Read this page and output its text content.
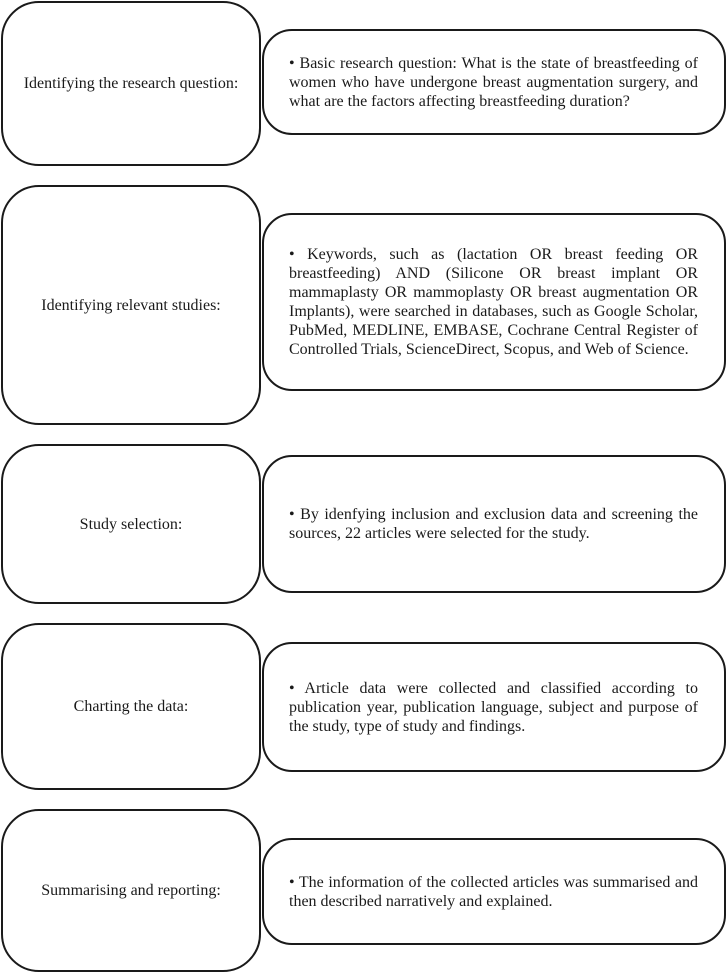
Identifying the research question:
• Basic research question: What is the state of breastfeeding of women who have undergone breast augmentation surgery, and what are the factors affecting breastfeeding duration?
Identifying relevant studies:
• Keywords, such as (lactation OR breast feeding OR breastfeeding) AND (Silicone OR breast implant OR mammaplasty OR mammoplasty OR breast augmentation OR Implants), were searched in databases, such as Google Scholar, PubMed, MEDLINE, EMBASE, Cochrane Central Register of Controlled Trials, ScienceDirect, Scopus, and Web of Science.
Study selection:
• By idenfying inclusion and exclusion data and screening the sources, 22 articles were selected for the study.
Charting the data:
• Article data were collected and classified according to publication year, publication language, subject and purpose of the study, type of study and findings.
Summarising and reporting:	• The information of the collected articles was summarised and then described narratively and explained.
